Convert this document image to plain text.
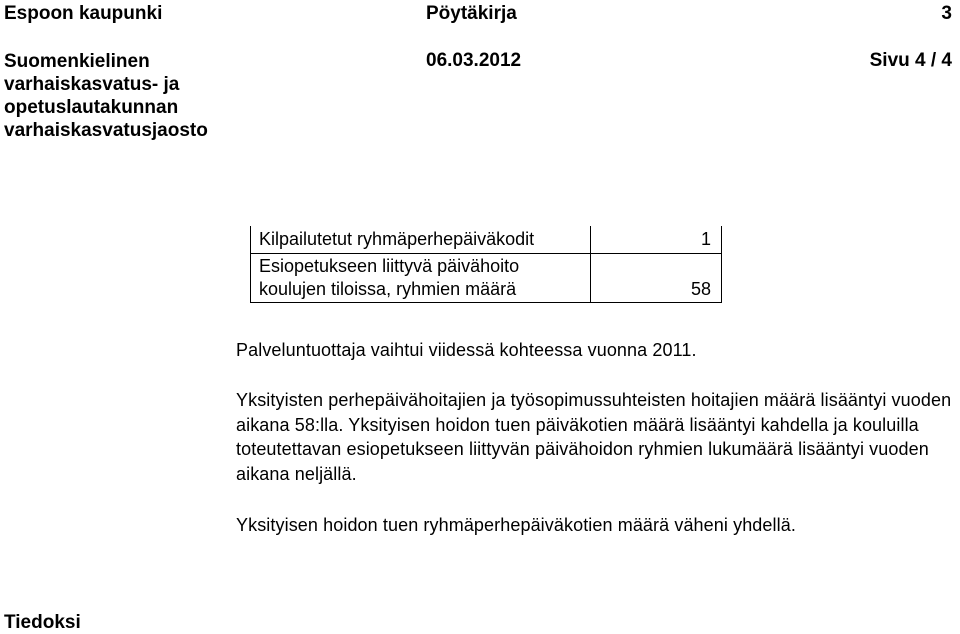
Espoon kaupunki	Pöytäkirja	3
Suomenkielinen
varhaiskasvatus- ja
opetuslautakunnan
varhaiskasvatusjaosto
06.03.2012	Sivu 4 / 4
Kilpailutetut ryhmäperhepäiväkodit	1
Esiopetukseen liittyvä päivähoito koulujen tiloissa, ryhmien määrä	58
Palveluntuottaja vaihtui viidessä kohteessa vuonna 2011.
Yksityisten perhepäivähoitajien ja työsopimussuhteisten hoitajien määrä lisääntyi vuoden aikana 58:lla. Yksityisen hoidon tuen päiväkotien määrä lisääntyi kahdella ja kouluilla toteutettavan esiopetukseen liittyvän päivähoidon ryhmien lukumäärä lisääntyi vuoden aikana neljällä.
Yksityisen hoidon tuen ryhmäperhepäiväkotien määrä väheni yhdellä.
Tiedoksi
